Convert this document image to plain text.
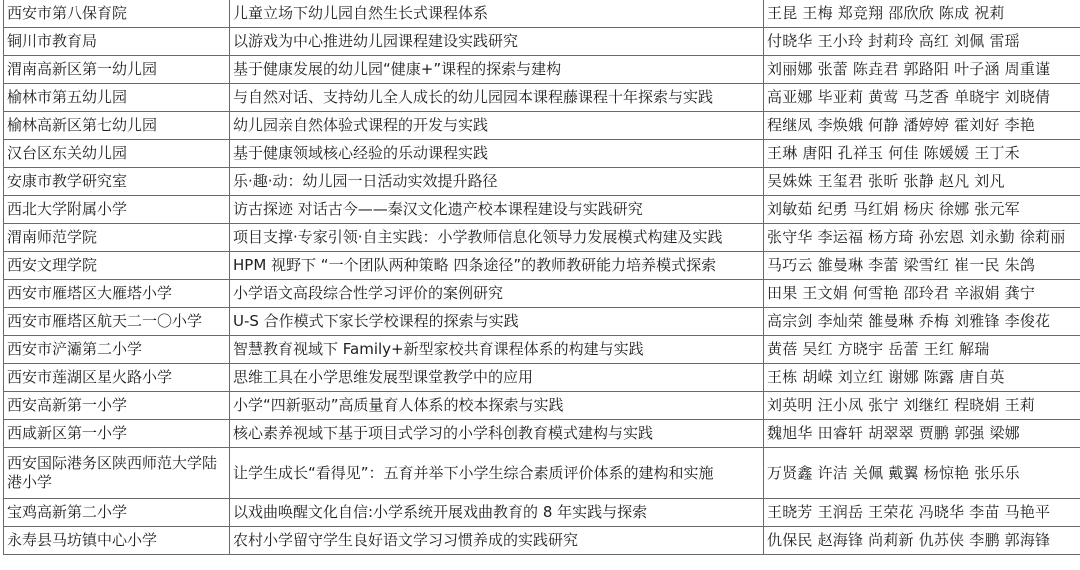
西安市第八保育院	儿童立场下幼儿园自然生长式课程体系	王昆 王梅 郑竞翔 邵欣欣 陈成 祝莉
铜川市教育局	以游戏为中心推进幼儿园课程建设实践研究	付晓华 王小玲 封莉玲 高红 刘佩 雷瑶
渭南高新区第一幼儿园	基于健康发展的幼儿园“健康+”课程的探索与建构	刘丽娜 张蕾 陈垚君 郭路阳 叶子涵 周重谨
榆林市第五幼儿园	与自然对话、支持幼儿全人成长的幼儿园园本课程藤课程十年探索与实践	高亚娜 毕亚莉 黄莺 马芝香 单晓宇 刘晓倩
榆林高新区第七幼儿园	幼儿园亲自然体验式课程的开发与实践	程继凤 李焕娥 何静 潘婷婷 霍刘好 李艳
汉台区东关幼儿园	基于健康领域核心经验的乐动课程实践	王琳 唐阳 孔祥玉 何佳 陈媛媛 王丁禾
安康市教学研究室	乐·趣·动：幼儿园一日活动实效提升路径	吴姝姝 王玺君 张昕 张静 赵凡 刘凡
西北大学附属小学	访古探迹 对话古今——秦汉文化遗产校本课程建设与实践研究	刘敏茹 纪勇 马红娟 杨庆 徐娜 张元军
渭南师范学院	项目支撑·专家引领·自主实践：小学教师信息化领导力发展模式构建及实践	张守华 李运福 杨方琦 孙宏恩 刘永勤 徐莉丽
西安文理学院	HPM 视野下 “一个团队两种策略 四条途径”的教师教研能力培养模式探索	马巧云 雒曼琳 李蕾 梁雪红 崔一民 朱鸽
西安市雁塔区大雁塔小学	小学语文高段综合性学习评价的案例研究	田果 王文娟 何雪艳 邵玲君 辛淑娟 龚宁
西安市雁塔区航天二一〇小学	U-S 合作模式下家长学校课程的探索与实践	高宗剑 李灿荣 雒曼琳 乔梅 刘雅锋 李俊花
西安市浐灞第二小学	智慧教育视域下 Family+新型家校共育课程体系的构建与实践	黄蓓 吴红 方晓宇 岳蕾 王红 解瑞
西安市莲湖区星火路小学	思维工具在小学思维发展型课堂教学中的应用	王栋 胡嵘 刘立红 谢娜 陈露 唐自英
西安高新第一小学	小学“四新驱动”高质量育人体系的校本探索与实践	刘英明 汪小凤 张宁 刘继红 程晓娟 王莉
西咸新区第一小学	核心素养视域下基于项目式学习的小学科创教育模式建构与实践	魏旭华 田睿轩 胡翠翠 贾鹏 郭强 梁娜
西安国际港务区陕西师范大学陆港小学	让学生成长“看得见”：五育并举下小学生综合素质评价体系的建构和实施	万贤鑫 许洁 关佩 戴翼 杨惊艳 张乐乐
宝鸡高新第二小学	以戏曲唤醒文化自信:小学系统开展戏曲教育的 8 年实践与探索	王晓芳 王润岳 王荣花 冯晓华 李苗 马艳平
永寿县马坊镇中心小学	农村小学留守学生良好语文学习习惯养成的实践研究	仇保民 赵海锋 尚莉新 仇苏侠 李鹏 郭海锋
